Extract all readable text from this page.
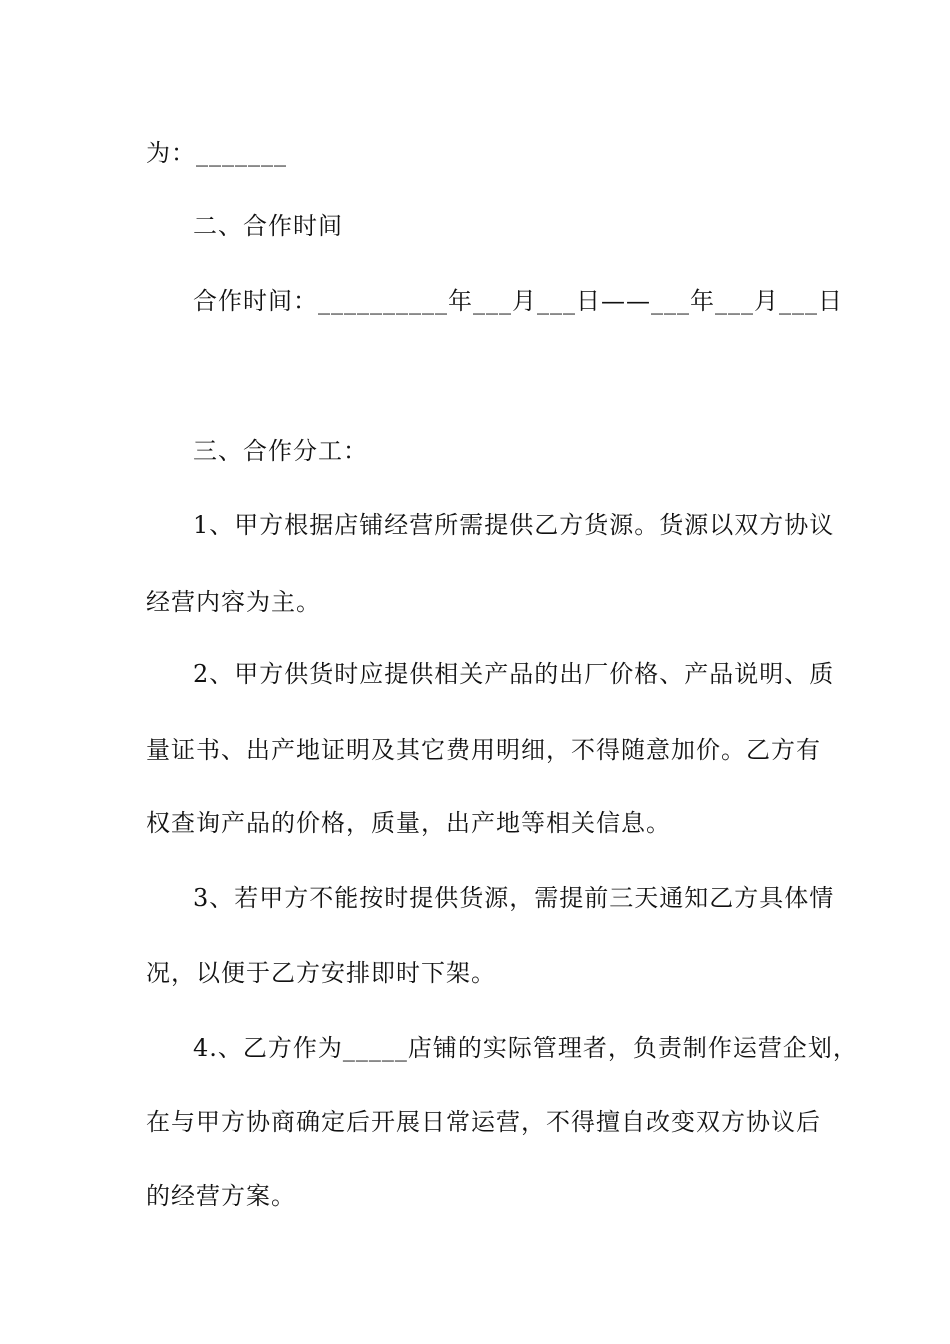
为：_______
二、合作时间
合作时间：__________年___月___日——___年___月___日
三、合作分工：
1、甲方根据店铺经营所需提供乙方货源。货源以双方协议
经营内容为主。
2、甲方供货时应提供相关产品的出厂价格、产品说明、质
量证书、出产地证明及其它费用明细，不得随意加价。乙方有
权查询产品的价格，质量，出产地等相关信息。
3、若甲方不能按时提供货源，需提前三天通知乙方具体情
况，以便于乙方安排即时下架。
4.、乙方作为_____店铺的实际管理者，负责制作运营企划，
在与甲方协商确定后开展日常运营，不得擅自改变双方协议后
的经营方案。
